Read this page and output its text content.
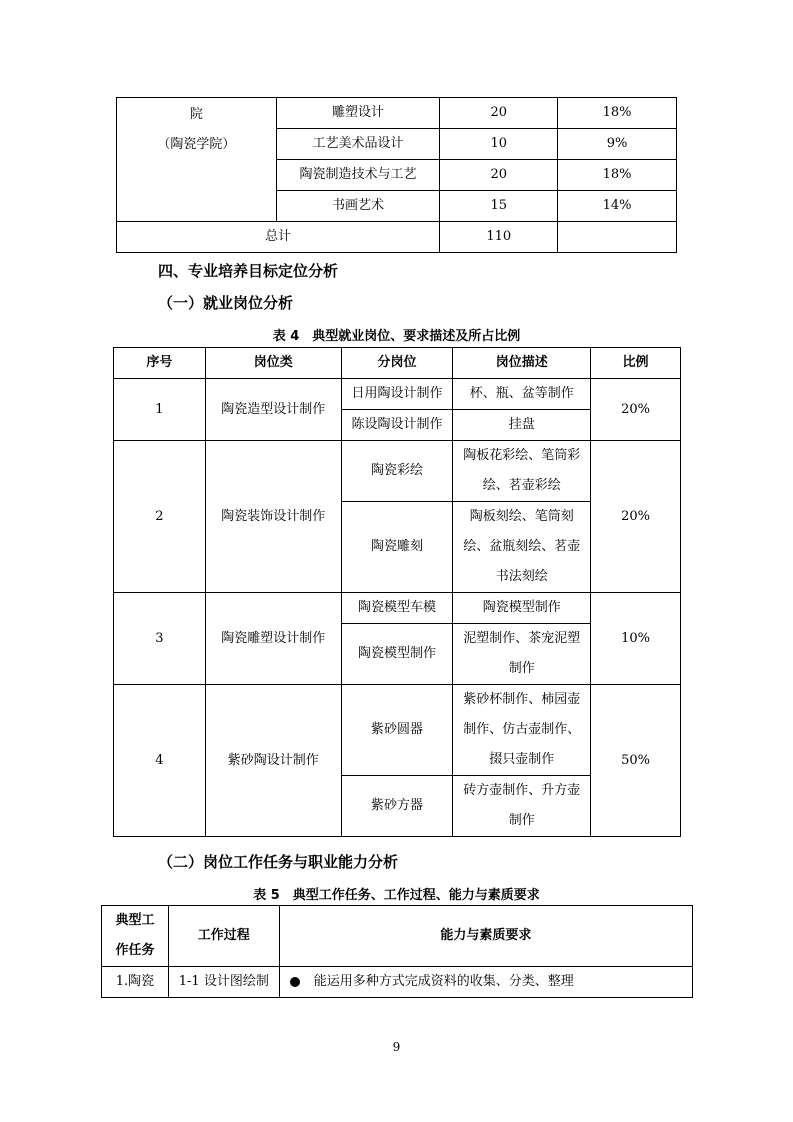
院
（陶瓷学院）	雕塑设计	20	18%
	工艺美术品设计	10	9%
	陶瓷制造技术与工艺	20	18%
	书画艺术	15	14%
总计		110	
四、专业培养目标定位分析
（一）就业岗位分析
表 4　典型就业岗位、要求描述及所占比例
序号	岗位类	分岗位	岗位描述	比例
1	陶瓷造型设计制作	日用陶设计制作	杯、瓶、盆等制作	20%
		陈设陶设计制作	挂盘	

2	陶瓷装饰设计制作	陶瓷彩绘	陶板花彩绘、笔筒彩
绘、茗壶彩绘	20%
		陶瓷雕刻	陶板刻绘、笔筒刻
绘、盆瓶刻绘、茗壶
书法刻绘	

3	陶瓷雕塑设计制作	陶瓷模型车模	陶瓷模型制作	10%
		陶瓷模型制作	泥塑制作、茶宠泥塑
制作	

4	紫砂陶设计制作	紫砂圆器	紫砂杯制作、柿园壶
制作、仿古壶制作、
掇只壶制作	50%
		紫砂方器	砖方壶制作、升方壶
制作	
（二）岗位工作任务与职业能力分析
表 5　典型工作任务、工作过程、能力与素质要求
典型工
作任务	工作过程	能力与素质要求
1.陶瓷	1-1 设计图绘制	能运用多种方式完成资料的收集、分类、整理
9
